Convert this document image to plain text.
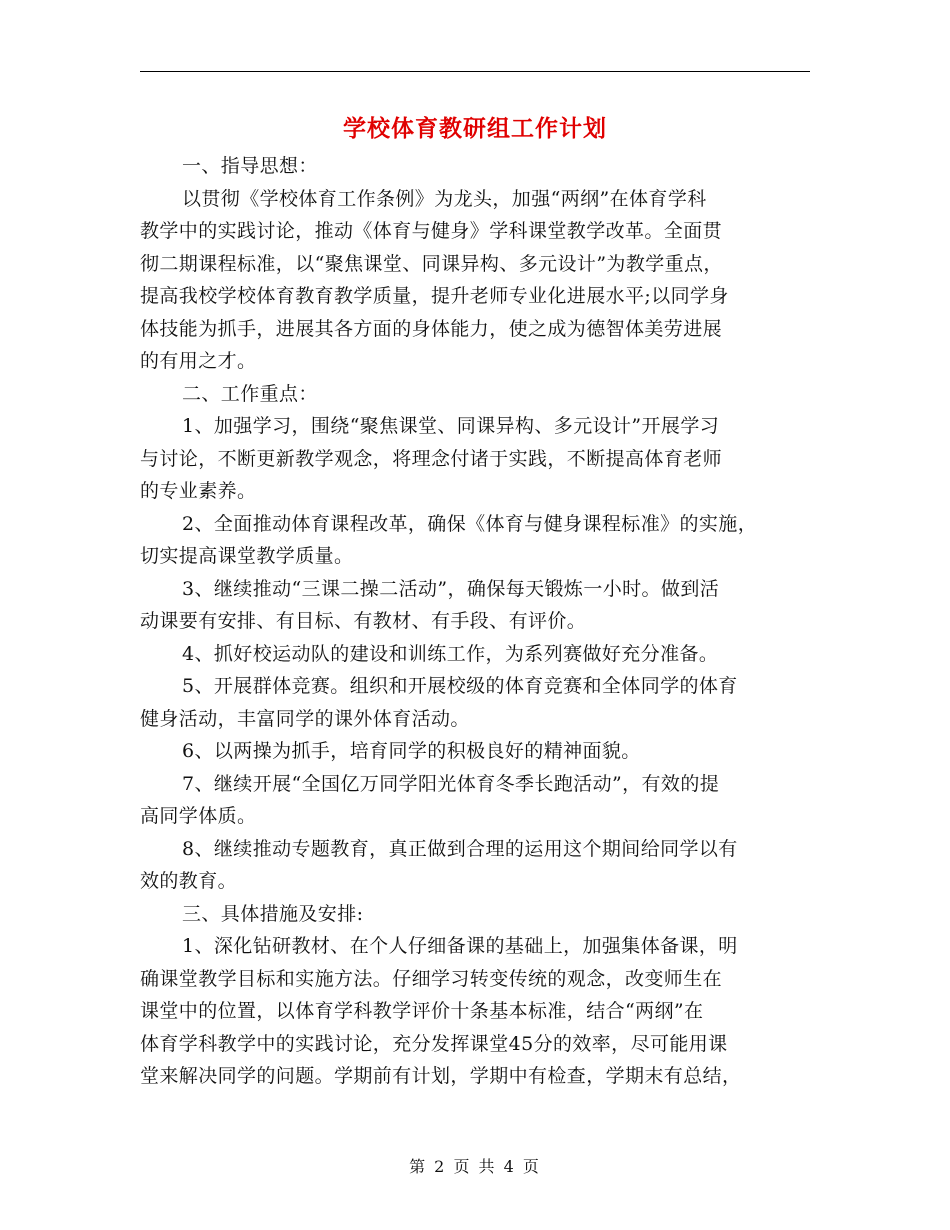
学校体育教研组工作计划
一、指导思想：
以贯彻《学校体育工作条例》为龙头，加强“两纲”在体育学科
教学中的实践讨论，推动《体育与健身》学科课堂教学改革。全面贯
彻二期课程标准，以“聚焦课堂、同课异构、多元设计”为教学重点，
提高我校学校体育教育教学质量，提升老师专业化进展水平;以同学身
体技能为抓手，进展其各方面的身体能力，使之成为德智体美劳进展
的有用之才。
二、工作重点：
1、加强学习，围绕“聚焦课堂、同课异构、多元设计”开展学习
与讨论，不断更新教学观念，将理念付诸于实践，不断提高体育老师
的专业素养。
2、全面推动体育课程改革，确保《体育与健身课程标准》的实施，
切实提高课堂教学质量。
3、继续推动“三课二操二活动”，确保每天锻炼一小时。做到活
动课要有安排、有目标、有教材、有手段、有评价。
4、抓好校运动队的建设和训练工作，为系列赛做好充分准备。
5、开展群体竞赛。组织和开展校级的体育竞赛和全体同学的体育
健身活动，丰富同学的课外体育活动。
6、以两操为抓手，培育同学的积极良好的精神面貌。
7、继续开展“全国亿万同学阳光体育冬季长跑活动”，有效的提
高同学体质。
8、继续推动专题教育，真正做到合理的运用这个期间给同学以有
效的教育。
三、具体措施及安排:
1、深化钻研教材、在个人仔细备课的基础上，加强集体备课，明
确课堂教学目标和实施方法。仔细学习转变传统的观念，改变师生在
课堂中的位置，以体育学科教学评价十条基本标准，结合“两纲”在
体育学科教学中的实践讨论，充分发挥课堂45分的效率，尽可能用课
堂来解决同学的问题。学期前有计划，学期中有检查，学期末有总结，
第 2 页 共 4 页
